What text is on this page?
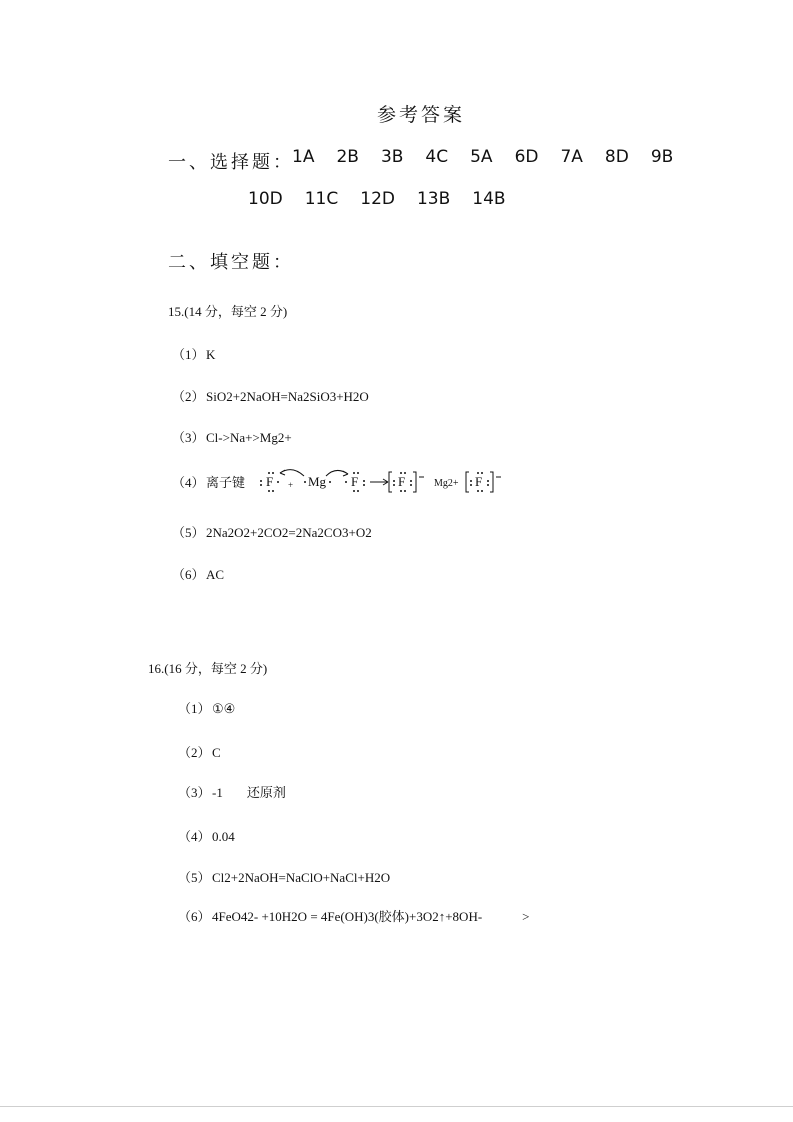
参考答案
一、选择题：
1A 2B 3B 4C 5A 6D 7A 8D 9B
10D 11C 12D 13B 14B
二、填空题：
15.(14 分，每空 2 分)
（1）K
（2）SiO2+2NaOH=Na2SiO3+H2O
（3）Cl->Na+>Mg2+
（4）离子键 F + Mg F	F	Mg2+ F
（5）2Na2O2+2CO2=2Na2CO3+O2
（6）AC
16.(16 分，每空 2 分)
（1）①④
（2）C
（3）-1 还原剂
（4）0.04
（5）Cl2+2NaOH=NaClO+NaCl+H2O
（6）4FeO42- +10H2O = 4Fe(OH)3(胶体)+3O2↑+8OH-	>
